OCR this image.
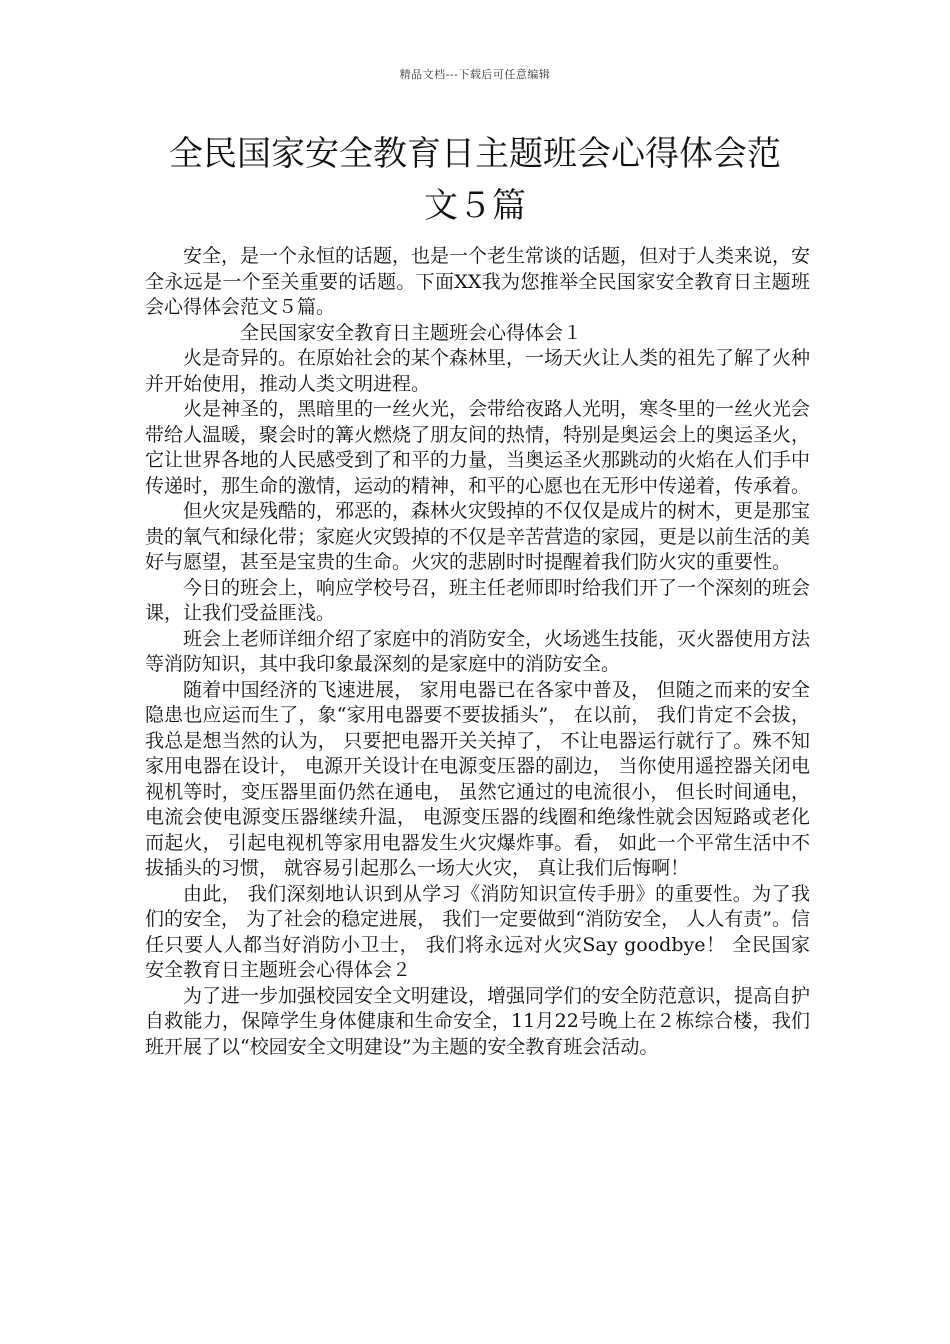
精品文档---下载后可任意编辑
全民国家安全教育日主题班会心得体会范
文５篇

安全，是一个永恒的话题，也是一个老生常谈的话题，但对于人类来说，安全永远是一个至关重要的话题。下面XX我为您推举全民国家安全教育日主题班会心得体会范文５篇。

全民国家安全教育日主题班会心得体会１

火是奇异的。在原始社会的某个森林里，一场天火让人类的祖先了解了火种并开始使用，推动人类文明进程。

火是神圣的，黑暗里的一丝火光，会带给夜路人光明，寒冬里的一丝火光会带给人温暖，聚会时的篝火燃烧了朋友间的热情，特别是奥运会上的奥运圣火，它让世界各地的人民感受到了和平的力量，当奥运圣火那跳动的火焰在人们手中传递时，那生命的激情，运动的精神，和平的心愿也在无形中传递着，传承着。

但火灾是残酷的，邪恶的，森林火灾毁掉的不仅仅是成片的树木，更是那宝贵的氧气和绿化带；家庭火灾毁掉的不仅是辛苦营造的家园，更是以前生活的美好与愿望，甚至是宝贵的生命。火灾的悲剧时时提醒着我们防火灾的重要性。

今日的班会上，响应学校号召，班主任老师即时给我们开了一个深刻的班会课，让我们受益匪浅。

班会上老师详细介绍了家庭中的消防安全，火场逃生技能，灭火器使用方法等消防知识，其中我印象最深刻的是家庭中的消防安全。

随着中国经济的飞速进展， 家用电器已在各家中普及， 但随之而来的安全隐患也应运而生了，象“家用电器要不要拔插头”， 在以前， 我们肯定不会拔， 我总是想当然的认为， 只要把电器开关关掉了， 不让电器运行就行了。殊不知家用电器在设计， 电源开关设计在电源变压器的副边， 当你使用遥控器关闭电视机等时，变压器里面仍然在通电， 虽然它通过的电流很小， 但长时间通电， 电流会使电源变压器继续升温， 电源变压器的线圈和绝缘性就会因短路或老化而起火， 引起电视机等家用电器发生火灾爆炸事。看， 如此一个平常生活中不拔插头的习惯， 就容易引起那么一场大火灾， 真让我们后悔啊！

由此， 我们深刻地认识到从学习《消防知识宣传手册》的重要性。为了我们的安全， 为了社会的稳定进展， 我们一定要做到“消防安全， 人人有责”。信任只要人人都当好消防小卫士， 我们将永远对火灾Say goodbye！ 全民国家安全教育日主题班会心得体会２

为了进一步加强校园安全文明建设，增强同学们的安全防范意识，提高自护自救能力，保障学生身体健康和生命安全，11月22号晚上在２栋综合楼，我们班开展了以“校园安全文明建设”为主题的安全教育班会活动。
